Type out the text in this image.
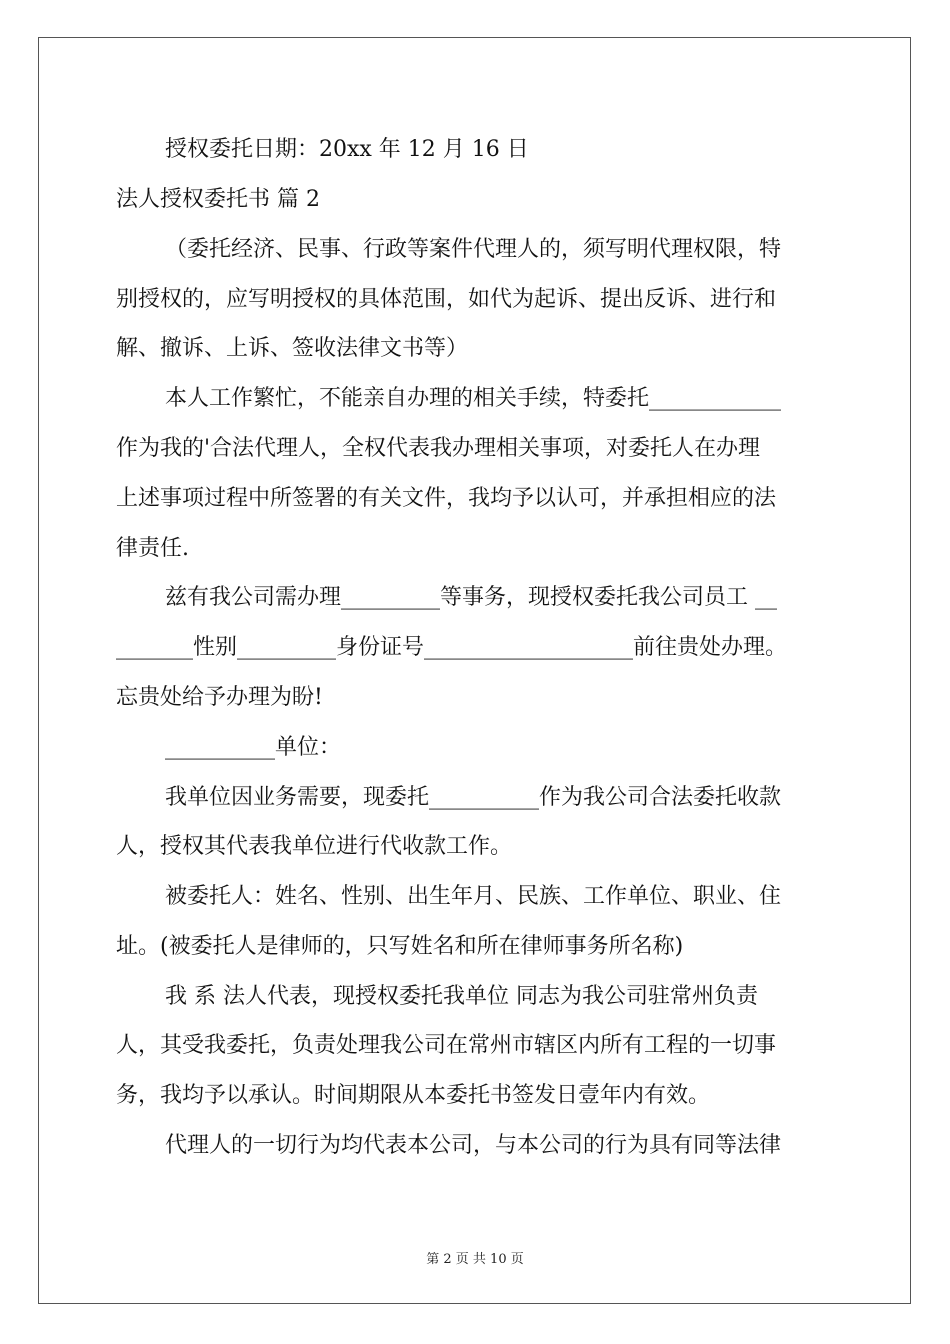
授权委托日期：20xx 年 12 月 16 日
法人授权委托书 篇 2
（委托经济、民事、行政等案件代理人的，须写明代理权限，特
别授权的，应写明授权的具体范围，如代为起诉、提出反诉、进行和
解、撤诉、上诉、签收法律文书等）
本人工作繁忙，不能亲自办理的相关手续，特委托____________
作为我的'合法代理人，全权代表我办理相关事项，对委托人在办理
上述事项过程中所签署的有关文件，我均予以认可，并承担相应的法
律责任.
兹有我公司需办理_________等事务，现授权委托我公司员工 __
_______性别_________身份证号___________________前往贵处办理。
忘贵处给予办理为盼!
__________单位：
我单位因业务需要，现委托__________作为我公司合法委托收款
人，授权其代表我单位进行代收款工作。
被委托人：姓名、性别、出生年月、民族、工作单位、职业、住
址。(被委托人是律师的，只写姓名和所在律师事务所名称)
我 系 法人代表，现授权委托我单位 同志为我公司驻常州负责
人，其受我委托，负责处理我公司在常州市辖区内所有工程的一切事
务，我均予以承认。时间期限从本委托书签发日壹年内有效。
代理人的一切行为均代表本公司，与本公司的行为具有同等法律
第 2 页 共 10 页
